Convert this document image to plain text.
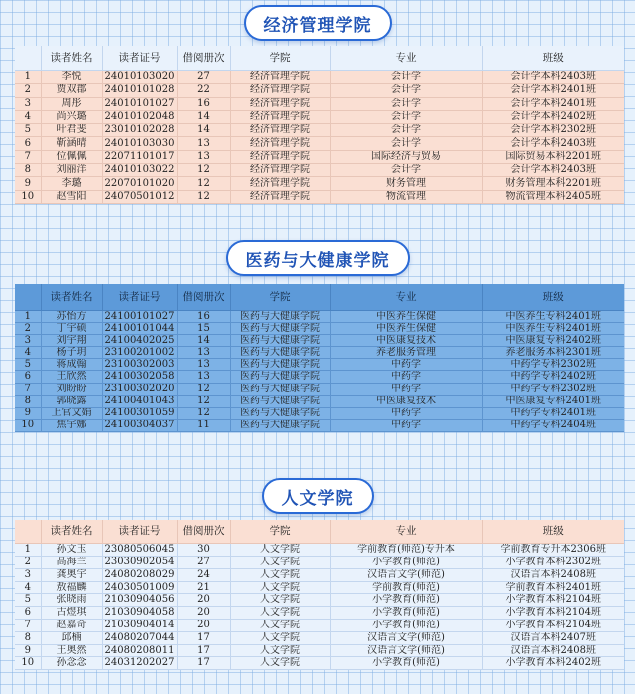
经济管理学院
	读者姓名	读者证号	借阅册次	学院	专业	班级
1	李悦	24010103020	27	经济管理学院	会计学	会计学本科2403班
2	贾双郡	24010101028	22	经济管理学院	会计学	会计学本科2401班
3	周彤	24010101027	16	经济管理学院	会计学	会计学本科2401班
4	尚兴璐	24010102048	14	经济管理学院	会计学	会计学本科2402班
5	叶君斐	23010102028	14	经济管理学院	会计学	会计学本科2302班
6	靳涵晴	24010103030	13	经济管理学院	会计学	会计学本科2403班
7	位佩佩	22071101017	13	经济管理学院	国际经济与贸易	国际贸易本科2201班
8	刘丽洋	24010103022	12	经济管理学院	会计学	会计学本科2403班
9	李璐	22070101020	12	经济管理学院	财务管理	财务管理本科2201班
10	赵雪阳	24070501012	12	经济管理学院	物流管理	物流管理本科2405班
医药与大健康学院
	读者姓名	读者证号	借阅册次	学院	专业	班级
1	苏怡方	24100101027	16	医药与大健康学院	中医养生保健	中医养生专科2401班
2	丁宇硕	24100101044	15	医药与大健康学院	中医养生保健	中医养生专科2401班
3	刘宇翔	24100402025	14	医药与大健康学院	中医康复技术	中医康复专科2402班
4	杨子玥	23100201002	13	医药与大健康学院	养老服务管理	养老服务本科2301班
5	蒋成翰	23100302003	13	医药与大健康学院	中药学	中药学专科2302班
6	王欣然	24100302058	13	医药与大健康学院	中药学	中药学专科2402班
7	刘盼盼	23100302020	12	医药与大健康学院	中药学	中药学专科2302班
8	郭晓露	24100401043	12	医药与大健康学院	中医康复技术	中医康复专科2401班
9	上官文娟	24100301059	12	医药与大健康学院	中药学	中药学专科2401班
10	焦宇娜	24100304037	11	医药与大健康学院	中药学	中药学专科2404班
人文学院
	读者姓名	读者证号	借阅册次	学院	专业	班级
1	孙文玉	23080506045	30	人文学院	学前教育(师范)专升本	学前教育专升本2306班
2	高海兰	23030902054	27	人文学院	小学教育(师范)	小学教育本科2302班
3	龚奥宇	24080208029	24	人文学院	汉语言文学(师范)	汉语言本科2408班
4	敖福麟	24030501009	21	人文学院	学前教育(师范)	学前教育本科2401班
5	张晓雨	21030904056	20	人文学院	小学教育(师范)	小学教育本科2104班
6	古煜琪	21030904058	20	人文学院	小学教育(师范)	小学教育本科2104班
7	赵嘉奇	21030904014	20	人文学院	小学教育(师范)	小学教育本科2104班
8	邱楠	24080207044	17	人文学院	汉语言文学(师范)	汉语言本科2407班
9	王奥然	24080208011	17	人文学院	汉语言文学(师范)	汉语言本科2408班
10	孙念念	24031202027	17	人文学院	小学教育(师范)	小学教育本科2402班
